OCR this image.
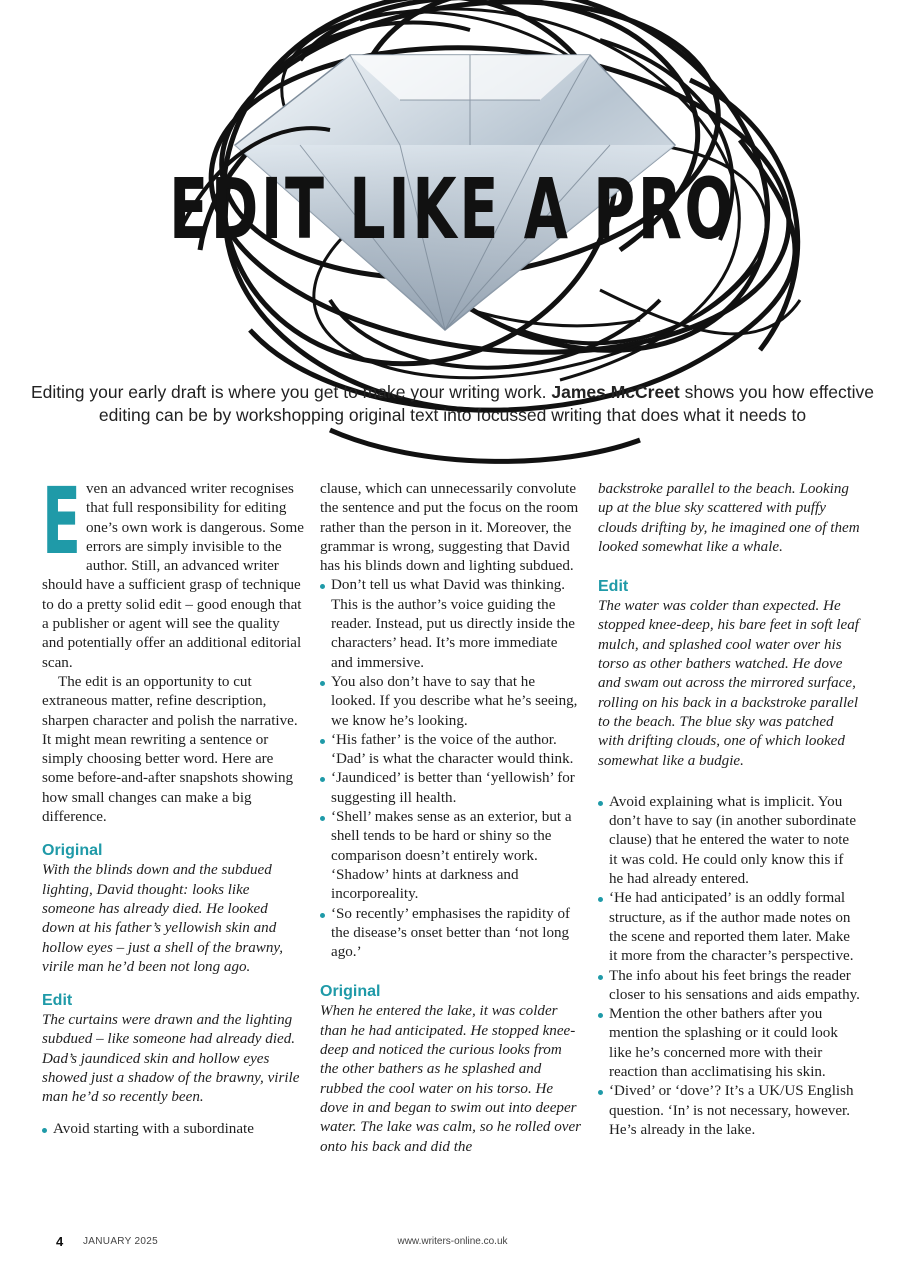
EDIT LIKE A PRO
Editing your early draft is where you get to make your writing work. James McCreet shows you how effective editing can be by workshopping original text into focussed writing that does what it needs to

Even an advanced writer recognises that full responsibility for editing one’s own work is dangerous. Some errors are simply invisible to the author. Still, an advanced writer should have a sufficient grasp of technique to do a pretty solid edit – good enough that a publisher or agent will see the quality and potentially offer an additional editorial scan.

The edit is an opportunity to cut extraneous matter, refine description, sharpen character and polish the narrative. It might mean rewriting a sentence or simply choosing better word. Here are some before-and-after snapshots showing how small changes can make a big difference.

Original

With the blinds down and the subdued lighting, David thought: looks like someone has already died. He looked down at his father’s yellowish skin and hollow eyes – just a shell of the brawny, virile man he’d been not long ago.

Edit

The curtains were drawn and the lighting subdued – like someone had already died. Dad’s jaundiced skin and hollow eyes showed just a shadow of the brawny, virile man he’d so recently been.

Avoid starting with a subordinate

clause, which can unnecessarily convolute the sentence and put the focus on the room rather than the person in it. Moreover, the grammar is wrong, suggesting that David has his blinds down and lighting subdued.

Don’t tell us what David was thinking. This is the author’s voice guiding the reader. Instead, put us directly inside the characters’ head. It’s more immediate and immersive.
You also don’t have to say that he looked. If you describe what he’s seeing, we know he’s looking.
‘His father’ is the voice of the author. ‘Dad’ is what the character would think.
‘Jaundiced’ is better than ‘yellowish’ for suggesting ill health.
‘Shell’ makes sense as an exterior, but a shell tends to be hard or shiny so the comparison doesn’t entirely work. ‘Shadow’ hints at darkness and incorporeality.
‘So recently’ emphasises the rapidity of the disease’s onset better than ‘not long ago.’
Original

When he entered the lake, it was colder than he had anticipated. He stopped knee-deep and noticed the curious looks from the other bathers as he splashed and rubbed the cool water on his torso. He dove in and began to swim out into deeper water. The lake was calm, so he rolled over onto his back and did the

backstroke parallel to the beach. Looking up at the blue sky scattered with puffy clouds drifting by, he imagined one of them looked somewhat like a whale.

Edit

The water was colder than expected. He stopped knee-deep, his bare feet in soft leaf mulch, and splashed cool water over his torso as other bathers watched. He dove and swam out across the mirrored surface, rolling on his back in a backstroke parallel to the beach. The blue sky was patched with drifting clouds, one of which looked somewhat like a budgie.

Avoid explaining what is implicit. You don’t have to say (in another subordinate clause) that he entered the water to note it was cold. He could only know this if he had already entered.
‘He had anticipated’ is an oddly formal structure, as if the author made notes on the scene and reported them later. Make it more from the character’s perspective.
The info about his feet brings the reader closer to his sensations and aids empathy.
Mention the other bathers after you mention the splashing or it could look like he’s concerned more with their reaction than acclimatising his skin.
‘Dived’ or ‘dove’? It’s a UK/US English question. ‘In’ is not necessary, however. He’s already in the lake.
4 JANUARY 2025	www.writers-online.co.uk
